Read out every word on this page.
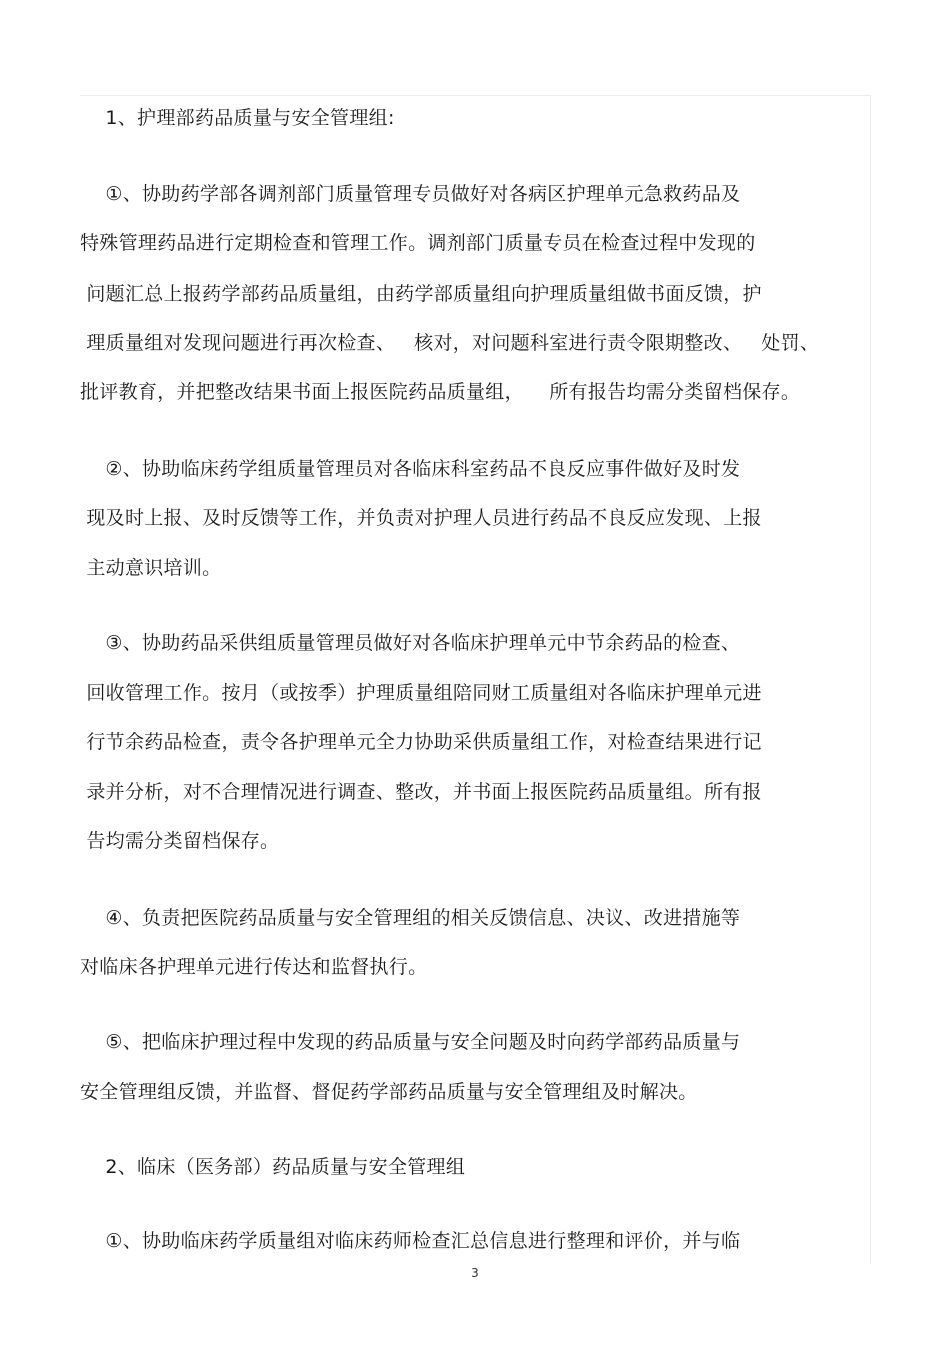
1、护理部药品质量与安全管理组:
①、协助药学部各调剂部门质量管理专员做好对各病区护理单元急救药品及
特殊管理药品进行定期检查和管理工作。调剂部门质量专员在检查过程中发现的
问题汇总上报药学部药品质量组，由药学部质量组向护理质量组做书面反馈，护
理质量组对发现问题进行再次检查、   核对，对问题科室进行责令限期整改、   处罚、
批评教育，并把整改结果书面上报医院药品质量组，    所有报告均需分类留档保存。
②、协助临床药学组质量管理员对各临床科室药品不良反应事件做好及时发
现及时上报、及时反馈等工作，并负责对护理人员进行药品不良反应发现、上报
主动意识培训。
③、协助药品采供组质量管理员做好对各临床护理单元中节余药品的检查、
回收管理工作。按月（或按季）护理质量组陪同财工质量组对各临床护理单元进
行节余药品检查，责令各护理单元全力协助采供质量组工作，对检查结果进行记
录并分析，对不合理情况进行调查、整改，并书面上报医院药品质量组。所有报
告均需分类留档保存。
④、负责把医院药品质量与安全管理组的相关反馈信息、决议、改进措施等
对临床各护理单元进行传达和监督执行。
⑤、把临床护理过程中发现的药品质量与安全问题及时向药学部药品质量与
安全管理组反馈，并监督、督促药学部药品质量与安全管理组及时解决。
2、临床（医务部）药品质量与安全管理组
①、协助临床药学质量组对临床药师检查汇总信息进行整理和评价，并与临
3
